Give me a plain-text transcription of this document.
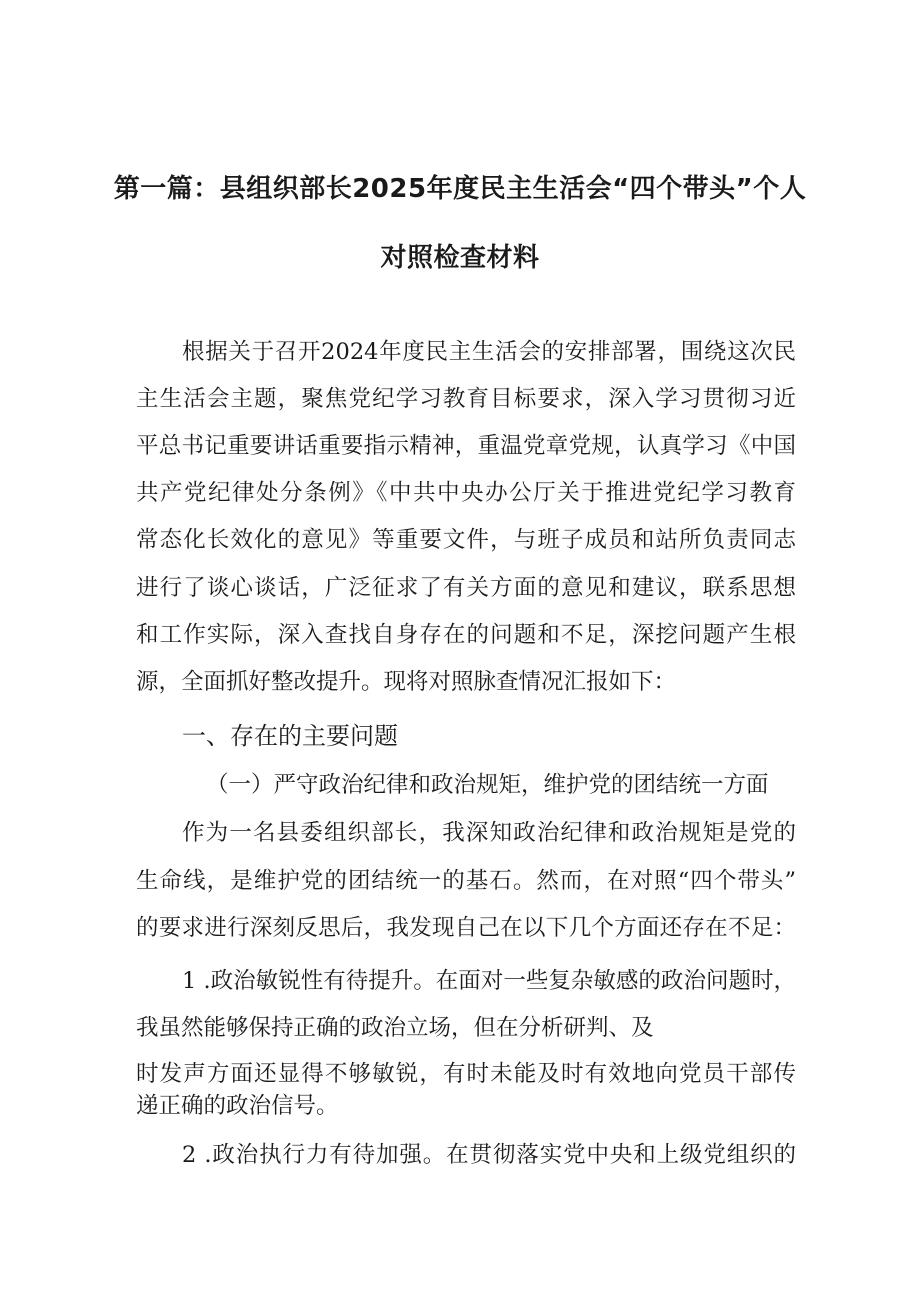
第一篇：县组织部长2025年度民主生活会“四个带头”个人
对照检查材料
根据关于召开2024年度民主生活会的安排部署，围绕这次民
主生活会主题，聚焦党纪学习教育目标要求，深入学习贯彻习近
平总书记重要讲话重要指示精神，重温党章党规，认真学习《中国
共产党纪律处分条例》《中共中央办公厅关于推进党纪学习教育
常态化长效化的意见》等重要文件，与班子成员和站所负责同志
进行了谈心谈话，广泛征求了有关方面的意见和建议，联系思想
和工作实际，深入查找自身存在的问题和不足，深挖问题产生根
源，全面抓好整改提升。现将对照脉查情况汇报如下：
一、存在的主要问题
（一）严守政治纪律和政治规矩，维护党的团结统一方面
作为一名县委组织部长，我深知政治纪律和政治规矩是党的
生命线，是维护党的团结统一的基石。然而，在对照“四个带头”
的要求进行深刻反思后，我发现自己在以下几个方面还存在不足：
1 .政治敏锐性有待提升。在面对一些复杂敏感的政治问题时，
我虽然能够保持正确的政治立场，但在分析研判、及
时发声方面还显得不够敏锐，有时未能及时有效地向党员干部传
递正确的政治信号。
2 .政治执行力有待加强。在贯彻落实党中央和上级党组织的
